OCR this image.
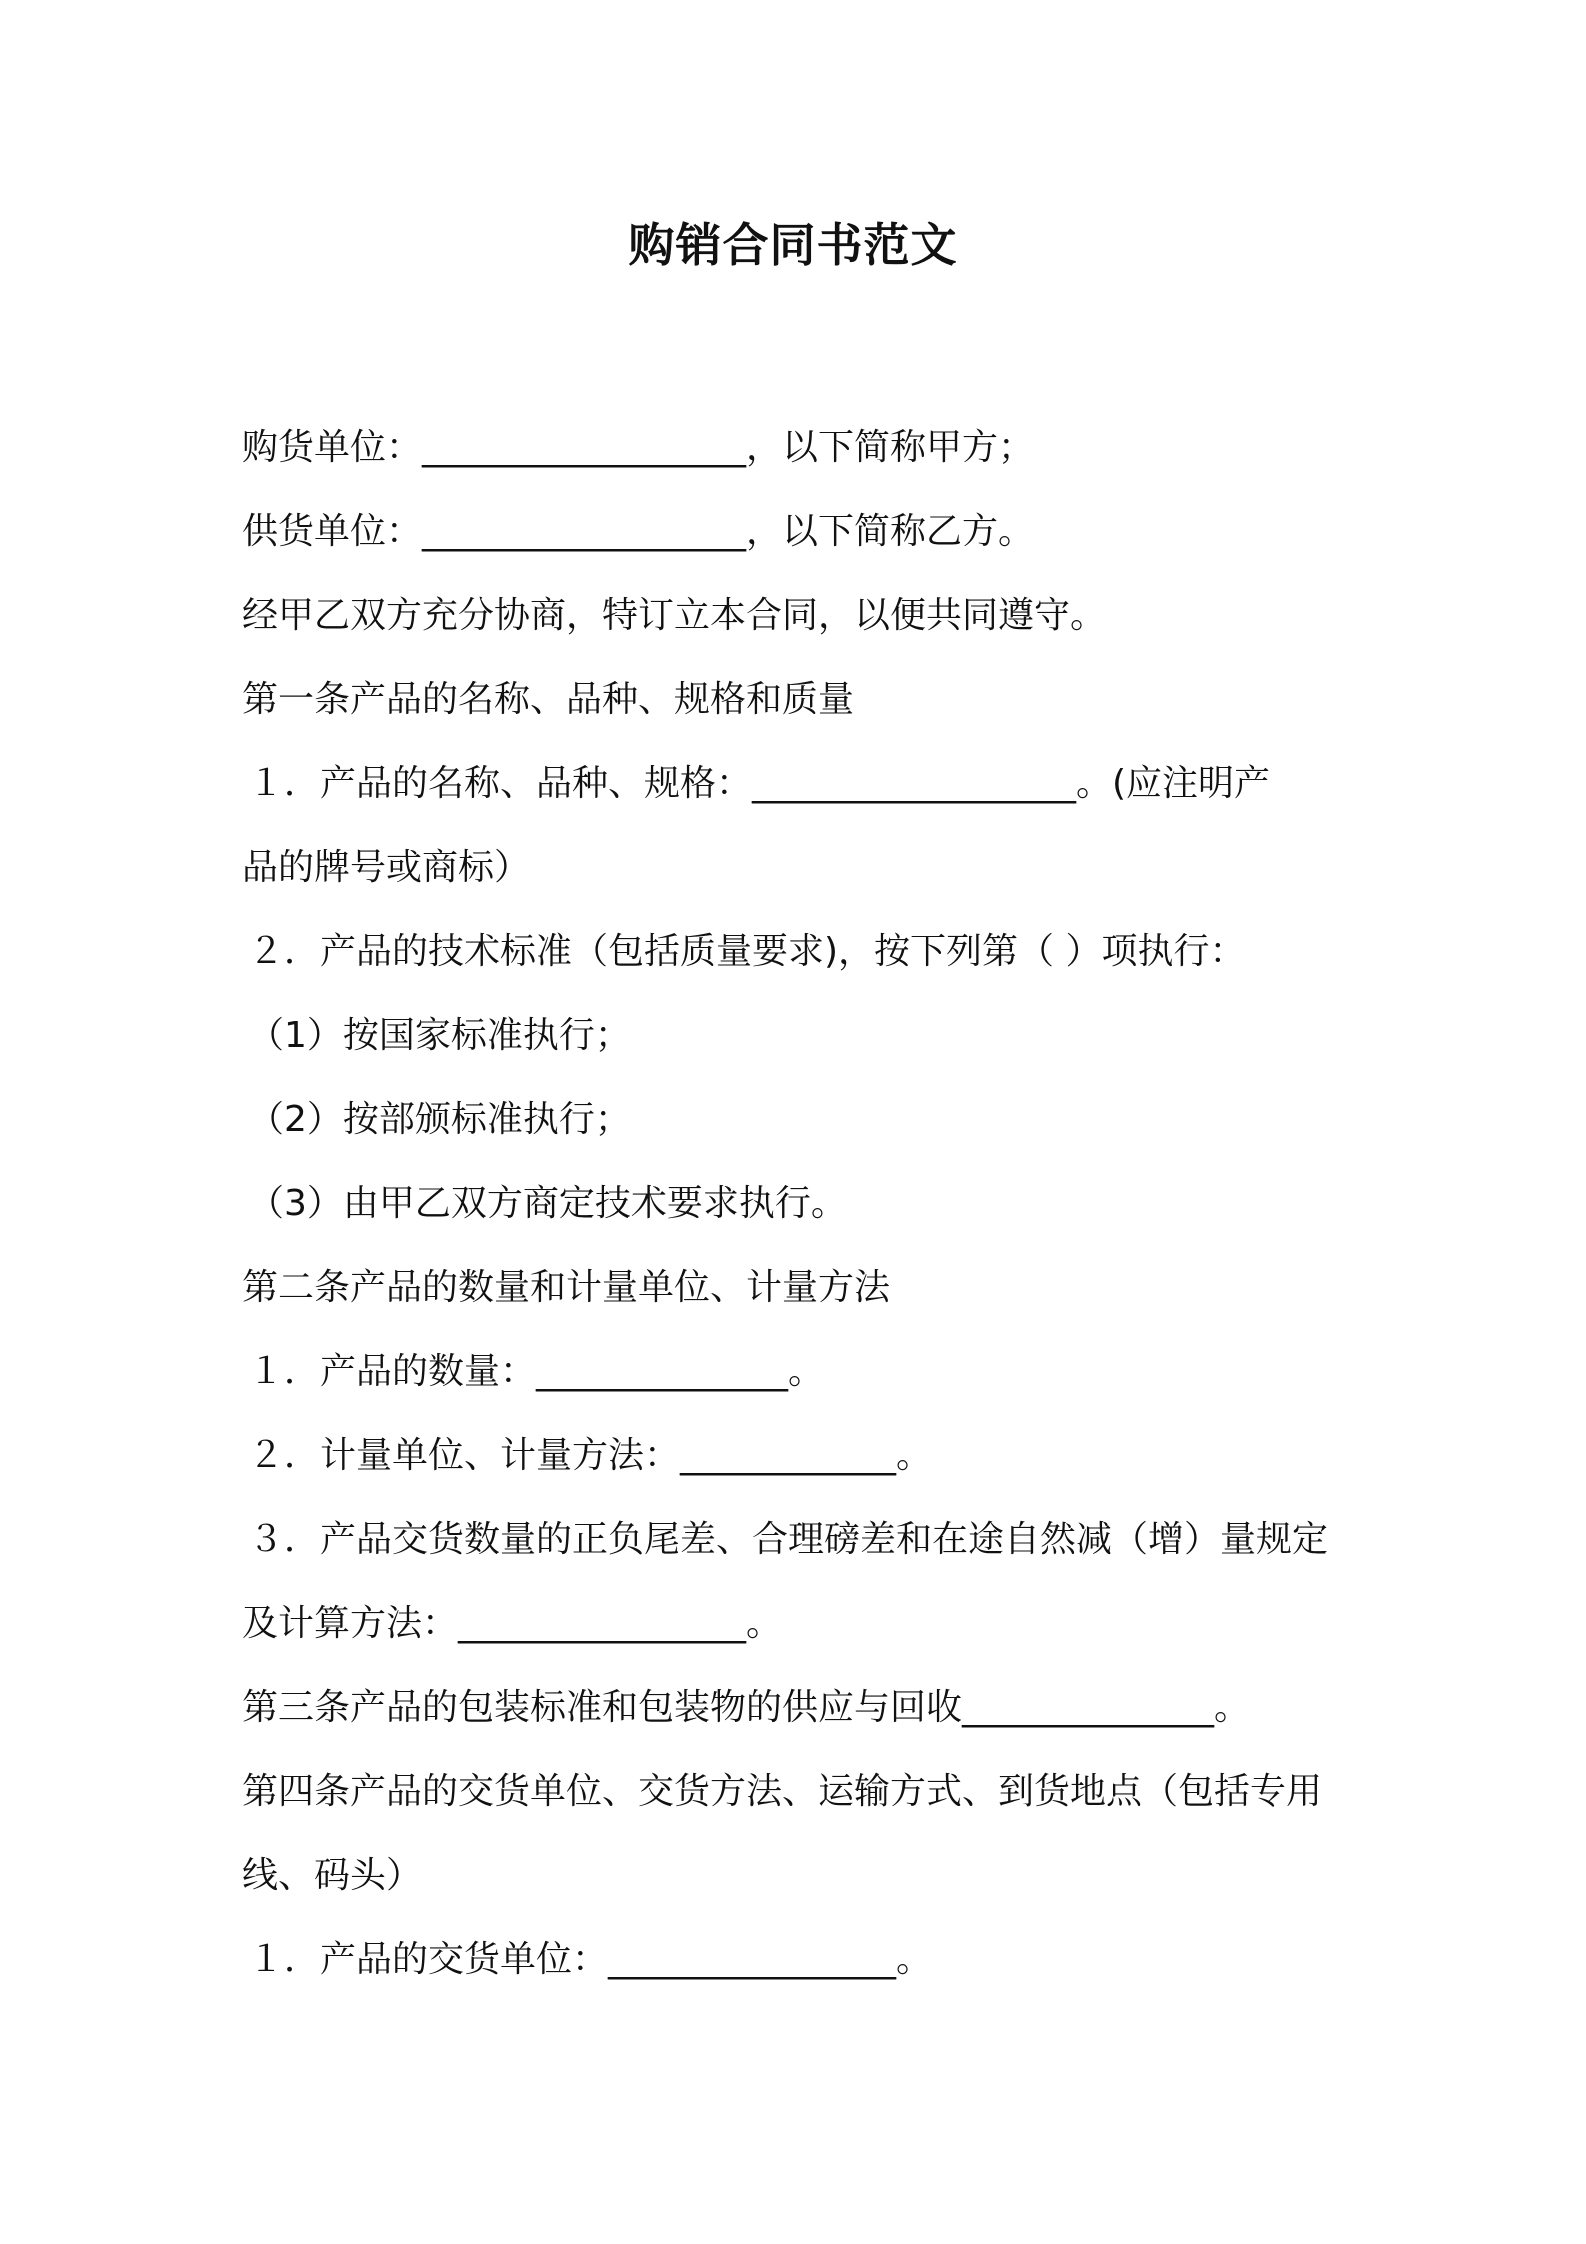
购销合同书范文

购货单位：__________________，以下简称甲方；

供货单位：__________________，以下简称乙方。

经甲乙双方充分协商，特订立本合同，以便共同遵守。

第一条产品的名称、品种、规格和质量

１．产品的名称、品种、规格：__________________。(应注明产

品的牌号或商标）

２．产品的技术标准（包括质量要求)，按下列第（ ）项执行：

（1）按国家标准执行；

（2）按部颁标准执行；

（3）由甲乙双方商定技术要求执行。

第二条产品的数量和计量单位、计量方法

１．产品的数量：______________。

２．计量单位、计量方法：____________。

３．产品交货数量的正负尾差、合理磅差和在途自然减（增）量规定

及计算方法：________________。

第三条产品的包装标准和包装物的供应与回收______________。

第四条产品的交货单位、交货方法、运输方式、到货地点（包括专用

线、码头）

１．产品的交货单位：________________。
